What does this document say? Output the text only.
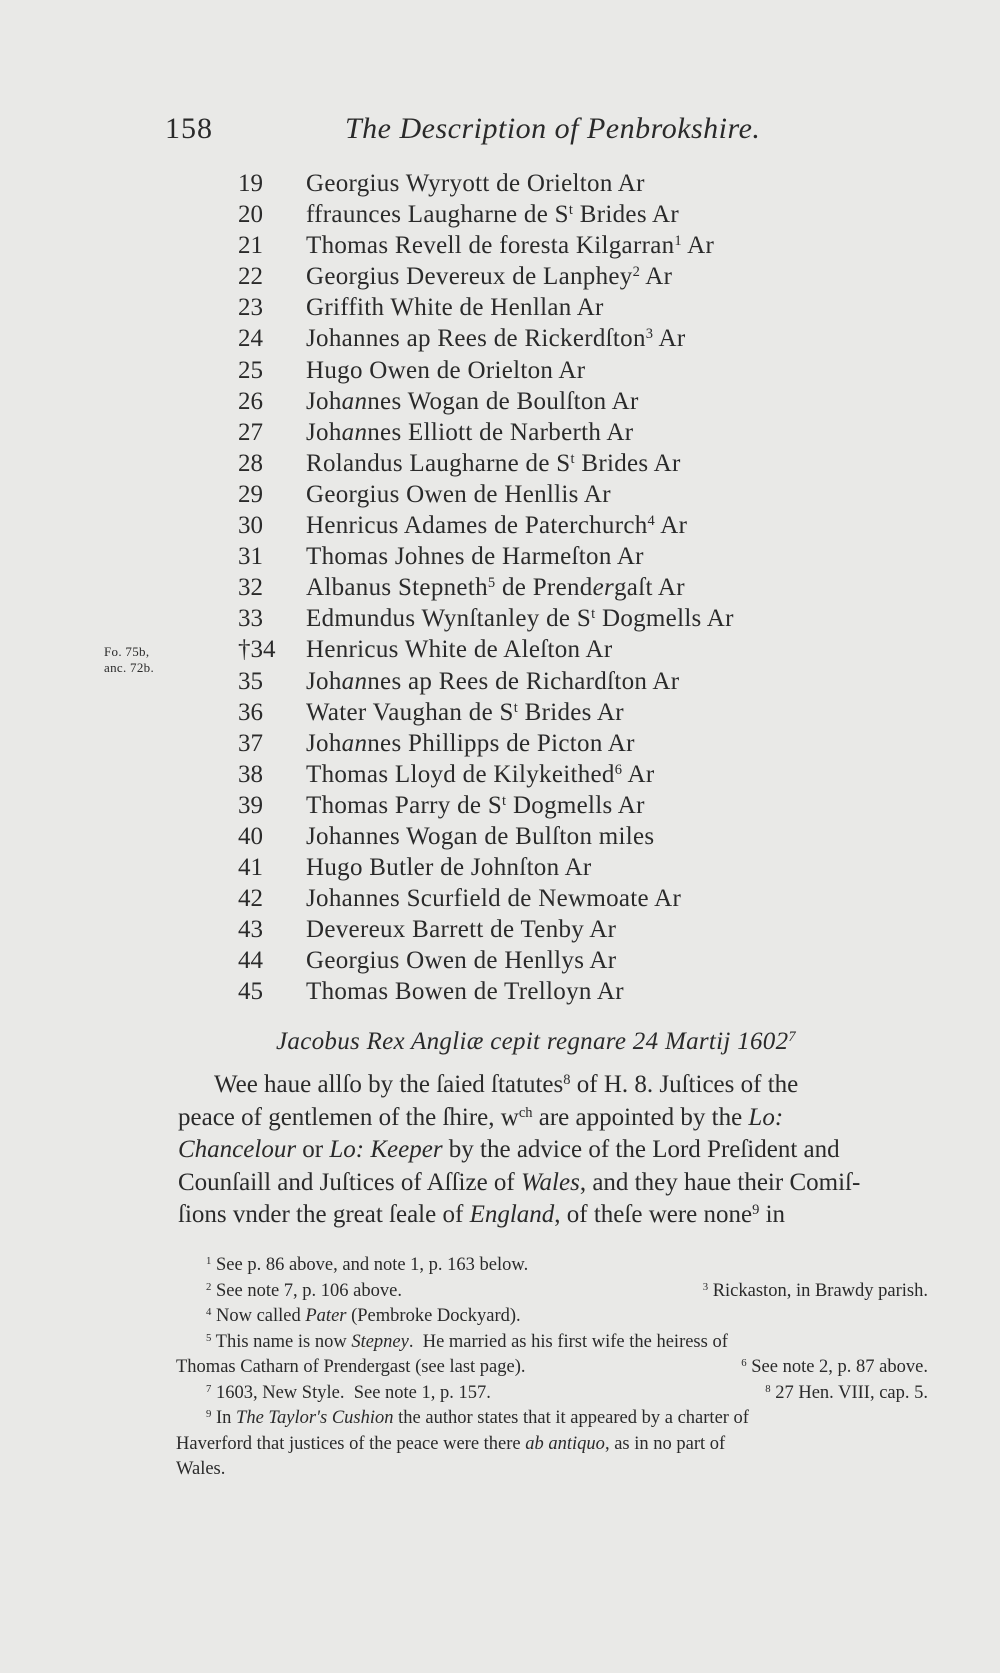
158	The Description of Penbrokshire.
Fo. 75b,
anc. 72b.
19	Georgius Wyryott de Orielton Ar
20	ffraunces Laugharne de $S^t$ Brides Ar
21	Thomas Revell de foresta Kilgarran$^1$ Ar
22	Georgius Devereux de Lanphey$^2$ Ar
23	Griffith White de Henllan Ar
24	Johannes ap Rees de Rickerdſton$^3$ Ar
25	Hugo Owen de Orielton Ar
26	Johannes Wogan de Boulſton Ar
27	Johannes Elliott de Narberth Ar
28	Rolandus Laugharne de $S^t$ Brides Ar
29	Georgius Owen de Henllis Ar
30	Henricus Adames de Paterchurch$^4$ Ar
31	Thomas Johnes de Harmeſton Ar
32	Albanus Stepneth$^5$ de Prendergaſt Ar
33	Edmundus Wynſtanley de $S^t$ Dogmells Ar
†34	Henricus White de Aleſton Ar
35	Johannes ap Rees de Richardſton Ar
36	Water Vaughan de $S^t$ Brides Ar
37	Johannes Phillipps de Picton Ar
38	Thomas Lloyd de Kilykeithed$^6$ Ar
39	Thomas Parry de $S^t$ Dogmells Ar
40	Johannes Wogan de Bulſton miles
41	Hugo Butler de Johnſton Ar
42	Johannes Scurfield de Newmoate Ar
43	Devereux Barrett de Tenby Ar
44	Georgius Owen de Henllys Ar
45	Thomas Bowen de Trelloyn Ar
Jacobus Rex Angliæ cepit regnare 24 Martij 1602$^7$
Wee haue allſo by the ſaied ſtatutes$^8$ of H. 8. Juſtices of the
peace of gentlemen of the ſhire, $w^{ch}$ are appointed by the Lo:
Chancelour or Lo: Keeper by the advice of the Lord Preſident and
Counſaill and Juſtices of Aſſize of Wales, and they haue their Comiſ-
ſions vnder the great ſeale of England, of theſe were none$^9$ in
$^1$ See p. 86 above, and note 1, p. 163 below.
$^2$ See note 7, p. 106 above.	$^3$ Rickaston, in Brawdy parish.
$^4$ Now called Pater (Pembroke Dockyard).
$^5$ This name is now Stepney.  He married as his first wife the heiress of
Thomas Catharn of Prendergast (see last page).	$^6$ See note 2, p. 87 above.
$^7$ 1603, New Style.  See note 1, p. 157.	$^8$ 27 Hen. VIII, cap. 5.
$^9$ In The Taylor's Cushion the author states that it appeared by a charter of
Haverford that justices of the peace were there ab antiquo, as in no part of
Wales.
